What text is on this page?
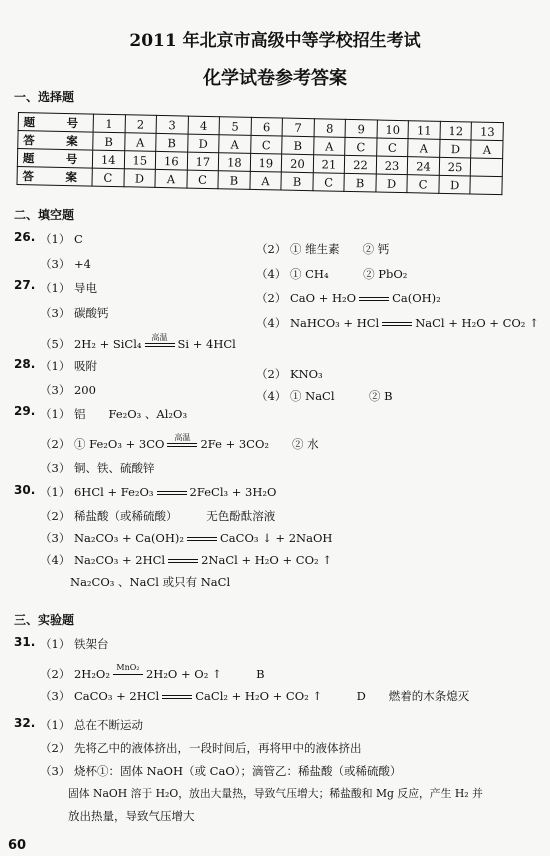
2011 年北京市高级中等学校招生考试
化学试卷参考答案
一、选择题
题　号	1	2	3	4	5	6	7	8	9	10	11	12	13
答　案	B	A	B	D	A	C	B	A	C	C	A	D	A
题　号	14	15	16	17	18	19	20	21	22	23	24	25	
答　案	C	D	A	C	B	A	B	C	B	D	C	D	
二、填空题
26. （1） C
（2） ① 维生素　　② 钙
（3） +4
（4） ① CH₄　　　② PbO₂
27. （1） 导电
（2） CaO + H₂O	Ca(OH)₂
（3） 碳酸钙
（4） NaHCO₃ + HCl	NaCl + H₂O + CO₂ ↑
（5） 2H₂ + SiCl₄	高温 Si + 4HCl
28. （1） 吸附
（2） KNO₃
（3） 200	（4） ① NaCl　　　② B
29. （1） 铝　　Fe₂O₃ 、Al₂O₃
（2） ① Fe₂O₃ + 3CO	高温 2Fe + 3CO₂　　② 水
（3） 铜、铁、硫酸锌
30. （1） 6HCl + Fe₂O₃	2FeCl₃ + 3H₂O
（2） 稀盐酸（或稀硫酸）　　　无色酚酞溶液
（3） Na₂CO₃ + Ca(OH)₂	CaCO₃ ↓ + 2NaOH
（4） Na₂CO₃ + 2HCl	2NaCl + H₂O + CO₂ ↑
Na₂CO₃ 、NaCl 或只有 NaCl
三、实验题
31. （1） 铁架台
（2） 2H₂O₂ MnO₂ 2H₂O + O₂ ↑　　　B
（3） CaCO₃ + 2HCl	CaCl₂ + H₂O + CO₂ ↑　　　D　　燃着的木条熄灭
32. （1） 总在不断运动
（2） 先将乙中的液体挤出，一段时间后，再将甲中的液体挤出
（3） 烧杯①：固体 NaOH（或 CaO）；滴管乙：稀盐酸（或稀硫酸）
固体 NaOH 溶于 H₂O，放出大量热，导致气压增大；稀盐酸和 Mg 反应，产生 H₂ 并
放出热量，导致气压增大
60
